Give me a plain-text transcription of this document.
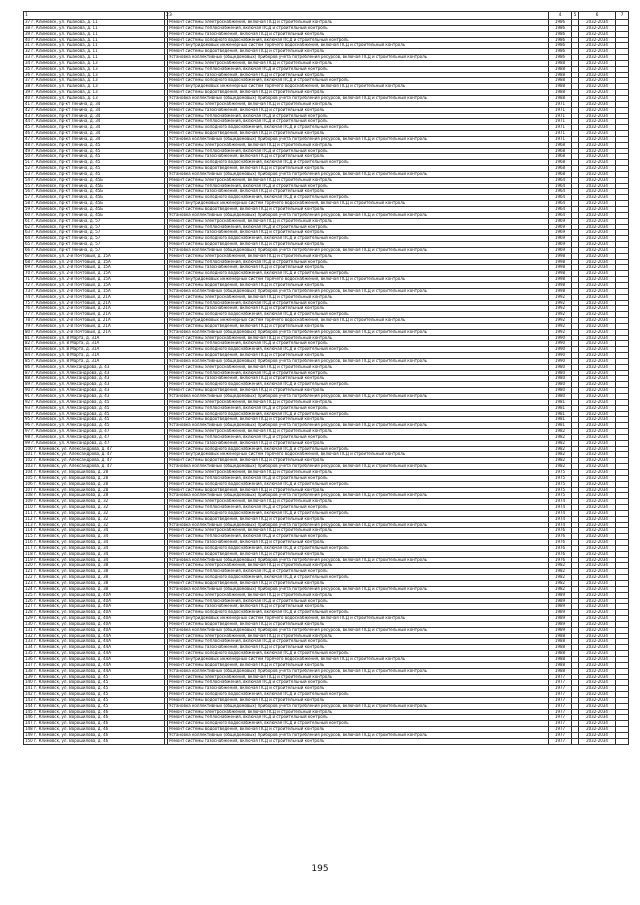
1	2	3	4	5	6	7
37 г. Климовск, ул. Ушакова, д. 11		Ремонт системы электроснабжения, включая ПСД и строительный контроль	1986		2032-2034	
38 г. Климовск, ул. Ушакова, д. 11		Ремонт системы теплоснабжения, включая ПСД и строительный контроль	1986		2032-2034	
39 г. Климовск, ул. Ушакова, д. 11		Ремонт системы газоснабжения, включая ПСД и строительный контроль	1986		2032-2034	
40 г. Климовск, ул. Ушакова, д. 11		Ремонт системы холодного водоснабжения, включая ПСД и строительный контроль	1986		2032-2034	
31 г. Климовск, ул. Ушакова, д. 11		Ремонт внутридомовых инженерных систем горячего водоснабжения, включая ПСД и строительный контроль	1986		2032-2034	
32 г. Климовск, ул. Ушакова, д. 11		Ремонт системы водоотведения, включая ПСД и строительный контроль	1986		2032-2034	
33 г. Климовск, ул. Ушакова, д. 11		Установка коллективных (общедомовых) приборов учета потребления ресурсов, включая ПСД и строительный контроль	1986		2032-2034	
34 г. Климовск, ул. Ушакова, д. 13		Ремонт системы электроснабжения, включая ПСД и строительный контроль	1988		2032-2034	
35 г. Климовск, ул. Ушакова, д. 13		Ремонт системы теплоснабжения, включая ПСД и строительный контроль	1988		2032-2034	
36 г. Климовск, ул. Ушакова, д. 13		Ремонт системы газоснабжения, включая ПСД и строительный контроль	1988		2032-2034	
37 г. Климовск, ул. Ушакова, д. 13		Ремонт системы холодного водоснабжения, включая ПСД и строительный контроль	1988		2032-2034	
38 г. Климовск, ул. Ушакова, д. 13		Ремонт внутридомовых инженерных систем горячего водоснабжения, включая ПСД и строительный контроль	1988		2032-2034	
39 г. Климовск, ул. Ушакова, д. 13		Ремонт системы водоотведения, включая ПСД и строительный контроль	1988		2032-2034	
40 г. Климовск, ул. Ушакова, д. 13		Установка коллективных (общедомовых) приборов учета потребления ресурсов, включая ПСД и строительный контроль	1988		2032-2034	
41 г. Климовск, пр-кт Ленина, д. 34		Ремонт системы электроснабжения, включая ПСД и строительный контроль	1971		2032-2034	
42 г. Климовск, пр-кт Ленина, д. 34		Ремонт системы газоснабжения, включая ПСД и строительный контроль	1971		2032-2034	
43 г. Климовск, пр-кт Ленина, д. 34		Ремонт системы теплоснабжения, включая ПСД и строительный контроль	1971		2032-2034	
44 г. Климовск, пр-кт Ленина, д. 34		Ремонт системы теплоснабжения, включая ПСД и строительный контроль	1971		2032-2034	
45 г. Климовск, пр-кт Ленина, д. 34		Ремонт системы холодного водоснабжения, включая ПСД и строительный контроль	1971		2032-2034	
46 г. Климовск, пр-кт Ленина, д. 34		Ремонт системы водоотведения, включая ПСД и строительный контроль	1971		2032-2034	
47 г. Климовск, пр-кт Ленина, д. 34		Установка коллективных (общедомовых) приборов учета потребления ресурсов, включая ПСД и строительный контроль	1971		2032-2034	
48 г. Климовск, пр-кт Ленина, д. 45		Ремонт системы электроснабжения, включая ПСД и строительный контроль	1968		2032-2034	
49 г. Климовск, пр-кт Ленина, д. 45		Ремонт системы теплоснабжения, включая ПСД и строительный контроль	1968		2032-2034	
50 г. Климовск, пр-кт Ленина, д. 45		Ремонт системы газоснабжения, включая ПСД и строительный контроль	1968		2032-2034	
51 г. Климовск, пр-кт Ленина, д. 45		Ремонт системы холодного водоснабжения, включая ПСД и строительный контроль	1968		2032-2034	
52 г. Климовск, пр-кт Ленина, д. 45		Ремонт системы водоотведения, включая ПСД и строительный контроль	1968		2032-2034	
53 г. Климовск, пр-кт Ленина, д. 45		Установка коллективных (общедомовых) приборов учета потребления ресурсов, включая ПСД и строительный контроль	1968		2032-2034	
54 г. Климовск, пр-кт Ленина, д. 45Б		Ремонт системы электроснабжения, включая ПСД и строительный контроль	1964		2032-2034	
55 г. Климовск, пр-кт Ленина, д. 45Б		Ремонт системы теплоснабжения, включая ПСД и строительный контроль	1964		2032-2034	
56 г. Климовск, пр-кт Ленина, д. 45Б		Ремонт системы газоснабжения, включая ПСД и строительный контроль	1964		2032-2034	
57 г. Климовск, пр-кт Ленина, д. 45Б		Ремонт системы холодного водоснабжения, включая ПСД и строительный контроль	1964		2032-2034	
58 г. Климовск, пр-кт Ленина, д. 45Б		Ремонт внутридомовых инженерных систем горячего водоснабжения, включая ПСД и строительный контроль	1964		2032-2034	
59 г. Климовск, пр-кт Ленина, д. 45Б		Ремонт системы водоотведения, включая ПСД и строительный контроль	1964		2032-2034	
60 г. Климовск, пр-кт Ленина, д. 45Б		Установка коллективных (общедомовых) приборов учета потребления ресурсов, включая ПСД и строительный контроль	1964		2032-2034	
61 г. Климовск, пр-кт Ленина, д. 57		Ремонт системы электроснабжения, включая ПСД и строительный контроль	1969		2032-2034	
62 г. Климовск, пр-кт Ленина, д. 57		Ремонт системы теплоснабжения, включая ПСД и строительный контроль	1969		2032-2034	
63 г. Климовск, пр-кт Ленина, д. 57		Ремонт системы газоснабжения, включая ПСД и строительный контроль	1969		2032-2034	
64 г. Климовск, пр-кт Ленина, д. 57		Ремонт системы холодного водоснабжения, включая ПСД и строительный контроль	1969		2032-2034	
65 г. Климовск, пр-кт Ленина, д. 57		Ремонт системы водоотведения, включая ПСД и строительный контроль	1969		2032-2034	
66 г. Климовск, пр-кт Ленина, д. 57		Установка коллективных (общедомовых) приборов учета потребления ресурсов, включая ПСД и строительный контроль	1969		2032-2034	
67 г. Климовск, ул. 2-й Почтовый, д. 15А		Ремонт системы электроснабжения, включая ПСД и строительный контроль	1998		2032-2034	
68 г. Климовск, ул. 2-й Почтовый, д. 15А		Ремонт системы теплоснабжения, включая ПСД и строительный контроль	1998		2032-2034	
69 г. Климовск, ул. 2-й Почтовый, д. 15А		Ремонт системы газоснабжения, включая ПСД и строительный контроль	1998		2032-2034	
70 г. Климовск, ул. 2-й Почтовый, д. 15А		Ремонт системы холодного водоснабжения, включая ПСД и строительный контроль	1998		2032-2034	
71 г. Климовск, ул. 2-й Почтовый, д. 15А		Ремонт внутридомовых инженерных систем горячего водоснабжения, включая ПСД и строительный контроль	1998		2032-2034	
72 г. Климовск, ул. 2-й Почтовый, д. 15А		Ремонт системы водоотведения, включая ПСД и строительный контроль	1998		2032-2034	
73 г. Климовск, ул. 2-й Почтовый, д. 15А		Установка коллективных (общедомовых) приборов учета потребления ресурсов, включая ПСД и строительный контроль	1998		2032-2034	
74 г. Климовск, ул. 2-й Почтовый, д. 21А		Ремонт системы электроснабжения, включая ПСД и строительный контроль	1992		2032-2034	
75 г. Климовск, ул. 2-й Почтовый, д. 21А		Ремонт системы теплоснабжения, включая ПСД и строительный контроль	1992		2032-2034	
76 г. Климовск, ул. 2-й Почтовый, д. 21А		Ремонт системы газоснабжения, включая ПСД и строительный контроль	1992		2032-2034	
77 г. Климовск, ул. 2-й Почтовый, д. 21А		Ремонт системы холодного водоснабжения, включая ПСД и строительный контроль	1992		2032-2034	
78 г. Климовск, ул. 2-й Почтовый, д. 21А		Ремонт внутридомовых инженерных систем горячего водоснабжения, включая ПСД и строительный контроль	1992		2032-2034	
79 г. Климовск, ул. 2-й Почтовый, д. 21А		Ремонт системы водоотведения, включая ПСД и строительный контроль	1992		2032-2034	
80 г. Климовск, ул. 2-й Почтовый, д. 21А		Установка коллективных (общедомовых) приборов учета потребления ресурсов, включая ПСД и строительный контроль	1992		2032-2034	
81 г. Климовск, ул. 8 Марта, д. 31А		Ремонт системы электроснабжения, включая ПСД и строительный контроль	1990		2032-2034	
82 г. Климовск, ул. 8 Марта, д. 31А		Ремонт системы теплоснабжения, включая ПСД и строительный контроль	1990		2032-2034	
83 г. Климовск, ул. 8 Марта, д. 31А		Ремонт системы холодного водоснабжения, включая ПСД и строительный контроль	1990		2032-2034	
84 г. Климовск, ул. 8 Марта, д. 31А		Ремонт системы водоотведения, включая ПСД и строительный контроль	1990		2032-2034	
85 г. Климовск, ул. 8 Марта, д. 31А		Установка коллективных (общедомовых) приборов учета потребления ресурсов, включая ПСД и строительный контроль	1990		2032-2034	
86 г. Климовск, ул. Александрова, д. 43		Ремонт системы электроснабжения, включая ПСД и строительный контроль	1980		2032-2034	
87 г. Климовск, ул. Александрова, д. 43		Ремонт системы теплоснабжения, включая ПСД и строительный контроль	1980		2032-2034	
88 г. Климовск, ул. Александрова, д. 43		Ремонт системы газоснабжения, включая ПСД и строительный контроль	1980		2032-2034	
89 г. Климовск, ул. Александрова, д. 43		Ремонт системы холодного водоснабжения, включая ПСД и строительный контроль	1980		2032-2034	
90 г. Климовск, ул. Александрова, д. 43		Ремонт системы водоотведения, включая ПСД и строительный контроль	1980		2032-2034	
91 г. Климовск, ул. Александрова, д. 43		Установка коллективных (общедомовых) приборов учета потребления ресурсов, включая ПСД и строительный контроль	1980		2032-2034	
92 г. Климовск, ул. Александрова, д. 45		Ремонт системы электроснабжения, включая ПСД и строительный контроль	1981		2032-2034	
93 г. Климовск, ул. Александрова, д. 45		Ремонт системы теплоснабжения, включая ПСД и строительный контроль	1981		2032-2034	
94 г. Климовск, ул. Александрова, д. 45		Ремонт системы холодного водоснабжения, включая ПСД и строительный контроль	1981		2032-2034	
95 г. Климовск, ул. Александрова, д. 45		Ремонт системы водоотведения, включая ПСД и строительный контроль	1981		2032-2034	
96 г. Климовск, ул. Александрова, д. 45		Установка коллективных (общедомовых) приборов учета потребления ресурсов, включая ПСД и строительный контроль	1981		2032-2034	
97 г. Климовск, ул. Александрова, д. 47		Ремонт системы электроснабжения, включая ПСД и строительный контроль	1982		2032-2034	
98 г. Климовск, ул. Александрова, д. 47		Ремонт системы теплоснабжения, включая ПСД и строительный контроль	1982		2032-2034	
99 г. Климовск, ул. Александрова, д. 47		Ремонт системы газоснабжения, включая ПСД и строительный контроль	1982		2032-2034	
100 г. Климовск, ул. Александрова, д. 47		Ремонт системы холодного водоснабжения, включая ПСД и строительный контроль	1982		2032-2034	
101 г. Климовск, ул. Александрова, д. 47		Ремонт внутридомовых инженерных систем горячего водоснабжения, включая ПСД и строительный контроль	1982		2032-2034	
102 г. Климовск, ул. Александрова, д. 47		Ремонт системы водоотведения, включая ПСД и строительный контроль	1982		2032-2034	
103 г. Климовск, ул. Александрова, д. 47		Установка коллективных (общедомовых) приборов учета потребления ресурсов, включая ПСД и строительный контроль	1982		2032-2034	
104 г. Климовск, ул. Ворошилова, д. 28		Ремонт системы электроснабжения, включая ПСД и строительный контроль	1975		2032-2034	
105 г. Климовск, ул. Ворошилова, д. 28		Ремонт системы теплоснабжения, включая ПСД и строительный контроль	1975		2032-2034	
106 г. Климовск, ул. Ворошилова, д. 28		Ремонт системы холодного водоснабжения, включая ПСД и строительный контроль	1975		2032-2034	
107 г. Климовск, ул. Ворошилова, д. 28		Ремонт системы водоотведения, включая ПСД и строительный контроль	1975		2032-2034	
108 г. Климовск, ул. Ворошилова, д. 28		Установка коллективных (общедомовых) приборов учета потребления ресурсов, включая ПСД и строительный контроль	1975		2032-2034	
109 г. Климовск, ул. Ворошилова, д. 32		Ремонт системы электроснабжения, включая ПСД и строительный контроль	1974		2032-2034	
110 г. Климовск, ул. Ворошилова, д. 32		Ремонт системы теплоснабжения, включая ПСД и строительный контроль	1974		2032-2034	
111 г. Климовск, ул. Ворошилова, д. 32		Ремонт системы холодного водоснабжения, включая ПСД и строительный контроль	1974		2032-2034	
112 г. Климовск, ул. Ворошилова, д. 32		Ремонт системы водоотведения, включая ПСД и строительный контроль	1974		2032-2034	
113 г. Климовск, ул. Ворошилова, д. 32		Установка коллективных (общедомовых) приборов учета потребления ресурсов, включая ПСД и строительный контроль	1974		2032-2034	
114 г. Климовск, ул. Ворошилова, д. 34		Ремонт системы электроснабжения, включая ПСД и строительный контроль	1976		2032-2034	
115 г. Климовск, ул. Ворошилова, д. 34		Ремонт системы теплоснабжения, включая ПСД и строительный контроль	1976		2032-2034	
116 г. Климовск, ул. Ворошилова, д. 34		Ремонт системы газоснабжения, включая ПСД и строительный контроль	1976		2032-2034	
117 г. Климовск, ул. Ворошилова, д. 34		Ремонт системы холодного водоснабжения, включая ПСД и строительный контроль	1976		2032-2034	
118 г. Климовск, ул. Ворошилова, д. 34		Ремонт системы водоотведения, включая ПСД и строительный контроль	1976		2032-2034	
119 г. Климовск, ул. Ворошилова, д. 34		Установка коллективных (общедомовых) приборов учета потребления ресурсов, включая ПСД и строительный контроль	1976		2032-2034	
120 г. Климовск, ул. Ворошилова, д. 38		Ремонт системы электроснабжения, включая ПСД и строительный контроль	1982		2032-2034	
121 г. Климовск, ул. Ворошилова, д. 38		Ремонт системы теплоснабжения, включая ПСД и строительный контроль	1982		2032-2034	
122 г. Климовск, ул. Ворошилова, д. 38		Ремонт системы холодного водоснабжения, включая ПСД и строительный контроль	1982		2032-2034	
123 г. Климовск, ул. Ворошилова, д. 38		Ремонт системы водоотведения, включая ПСД и строительный контроль	1982		2032-2034	
124 г. Климовск, ул. Ворошилова, д. 38		Установка коллективных (общедомовых) приборов учета потребления ресурсов, включая ПСД и строительный контроль	1982		2032-2034	
125 г. Климовск, ул. Ворошилова, д. 40А		Ремонт системы электроснабжения, включая ПСД и строительный контроль	1989		2032-2034	
126 г. Климовск, ул. Ворошилова, д. 40А		Ремонт системы теплоснабжения, включая ПСД и строительный контроль	1989		2032-2034	
127 г. Климовск, ул. Ворошилова, д. 40А		Ремонт системы газоснабжения, включая ПСД и строительный контроль	1989		2032-2034	
128 г. Климовск, ул. Ворошилова, д. 40А		Ремонт системы холодного водоснабжения, включая ПСД и строительный контроль	1989		2032-2034	
129 г. Климовск, ул. Ворошилова, д. 40А		Ремонт внутридомовых инженерных систем горячего водоснабжения, включая ПСД и строительный контроль	1989		2032-2034	
130 г. Климовск, ул. Ворошилова, д. 40А		Ремонт системы водоотведения, включая ПСД и строительный контроль	1989		2032-2034	
131 г. Климовск, ул. Ворошилова, д. 40А		Установка коллективных (общедомовых) приборов учета потребления ресурсов, включая ПСД и строительный контроль	1989		2032-2034	
132 г. Климовск, ул. Ворошилова, д. 44А		Ремонт системы электроснабжения, включая ПСД и строительный контроль	1988		2032-2034	
133 г. Климовск, ул. Ворошилова, д. 44А		Ремонт системы теплоснабжения, включая ПСД и строительный контроль	1988		2032-2034	
134 г. Климовск, ул. Ворошилова, д. 44А		Ремонт системы газоснабжения, включая ПСД и строительный контроль	1988		2032-2034	
135 г. Климовск, ул. Ворошилова, д. 44А		Ремонт системы холодного водоснабжения, включая ПСД и строительный контроль	1988		2032-2034	
136 г. Климовск, ул. Ворошилова, д. 44А		Ремонт внутридомовых инженерных систем горячего водоснабжения, включая ПСД и строительный контроль	1988		2032-2034	
137 г. Климовск, ул. Ворошилова, д. 44А		Ремонт системы водоотведения, включая ПСД и строительный контроль	1988		2032-2034	
138 г. Климовск, ул. Ворошилова, д. 44А		Установка коллективных (общедомовых) приборов учета потребления ресурсов, включая ПСД и строительный контроль	1988		2032-2034	
139 г. Климовск, ул. Ворошилова, д. 45		Ремонт системы электроснабжения, включая ПСД и строительный контроль	1977		2032-2034	
140 г. Климовск, ул. Ворошилова, д. 45		Ремонт системы теплоснабжения, включая ПСД и строительный контроль	1977		2032-2034	
141 г. Климовск, ул. Ворошилова, д. 45		Ремонт системы газоснабжения, включая ПСД и строительный контроль	1977		2032-2034	
142 г. Климовск, ул. Ворошилова, д. 45		Ремонт системы холодного водоснабжения, включая ПСД и строительный контроль	1977		2032-2034	
143 г. Климовск, ул. Ворошилова, д. 45		Ремонт системы водоотведения, включая ПСД и строительный контроль	1977		2032-2034	
144 г. Климовск, ул. Ворошилова, д. 45		Установка коллективных (общедомовых) приборов учета потребления ресурсов, включая ПСД и строительный контроль	1977		2032-2034	
145 г. Климовск, ул. Ворошилова, д. 46		Ремонт системы электроснабжения, включая ПСД и строительный контроль	1977		2032-2034	
146 г. Климовск, ул. Ворошилова, д. 46		Ремонт системы теплоснабжения, включая ПСД и строительный контроль	1977		2032-2034	
147 г. Климовск, ул. Ворошилова, д. 46		Ремонт системы холодного водоснабжения, включая ПСД и строительный контроль	1977		2032-2034	
148 г. Климовск, ул. Ворошилова, д. 46		Ремонт системы водоотведения, включая ПСД и строительный контроль	1977		2032-2034	
149 г. Климовск, ул. Ворошилова, д. 46		Установка коллективных (общедомовых) приборов учета потребления ресурсов, включая ПСД и строительный контроль	1977		2032-2034	
150 г. Климовск, ул. Ворошилова, д. 46		Ремонт системы газоснабжения, включая ПСД и строительный контроль	1977		2032-2034	
195
